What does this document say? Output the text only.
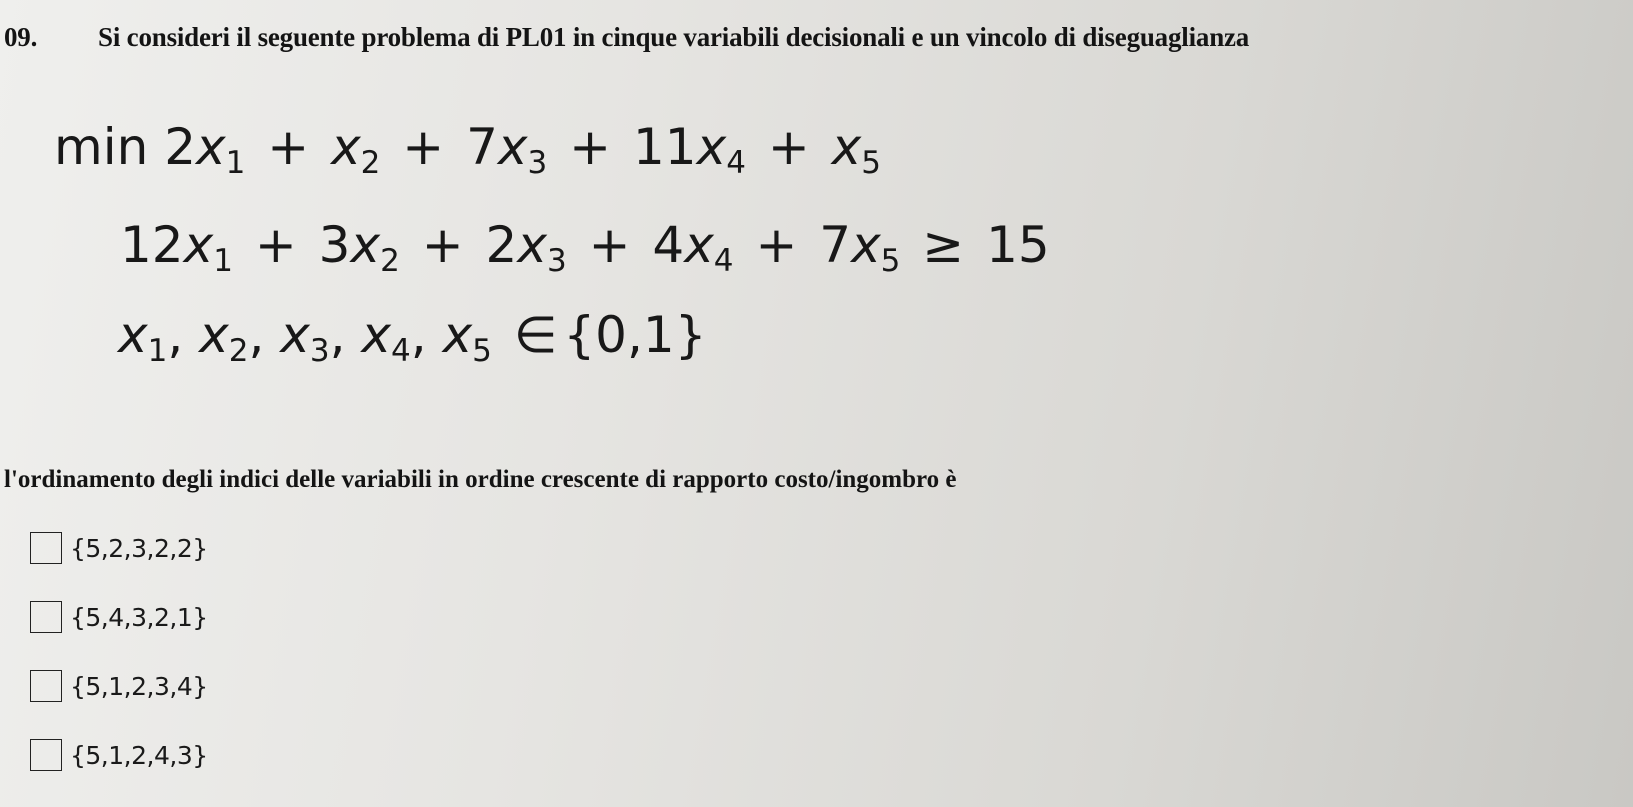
09. Si consideri il seguente problema di PL01 in cinque variabili decisionali e un vincolo di diseguaglianza
$\min 2x_1 + x_2 + 7x_3 + 11x_4 + x_5$
$12x_1 + 3x_2 + 2x_3 + 4x_4 + 7x_5 \ge 15$
$x_1$, $x_2$, $x_3$, $x_4$, $x_5$ ∈ {0,1}
l'ordinamento degli indici delle variabili in ordine crescente di rapporto costo/ingombro è
{5,2,3,2,2}
{5,4,3,2,1}
{5,1,2,3,4}
{5,1,2,4,3}
